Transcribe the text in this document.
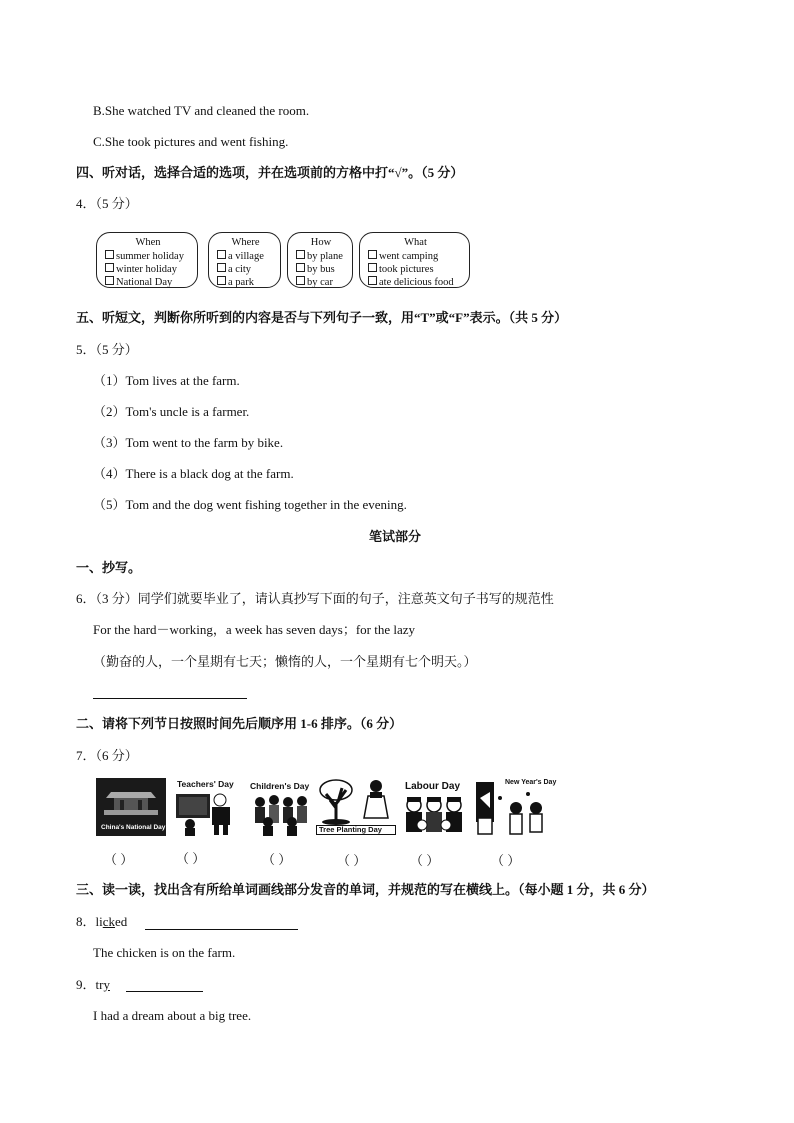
B.She watched TV and cleaned the room.
C.She took pictures and went fishing.
四、听对话，选择合适的选项，并在选项前的方格中打“√”。（5 分）
4．（5 分）
When
summer holiday
winter holiday
National Day
Where
a village
a city
a park
How
by plane
by bus
by car
What
went camping
took pictures
ate delicious food
五、听短文，判断你所听到的内容是否与下列句子一致，用“T”或“F”表示。（共 5 分）
5．（5 分）
（1）Tom lives at the farm.
（2）Tom's uncle is a farmer.
（3）Tom went to the farm by bike.
（4）There is a black dog at the farm.
（5）Tom and the dog went fishing together in the evening.
笔试部分
一、抄写。
6．（3 分）同学们就要毕业了，请认真抄写下面的句子，注意英文句子书写的规范性
For the hard－working，a week has seven days；for the lazy
（勤奋的人，一个星期有七天；懒惰的人，一个星期有七个明天。）
二、请将下列节日按照时间先后顺序用 1-6 排序。（6 分）
7．（6 分）
China's National Day
Teachers' Day Children's Day
Tree Planting Day
Labour Day	New Year's Day
（ ）	（ ）	（ ）	（ ）	（ ）	（ ）
三、读一读，找出含有所给单词画线部分发音的单词，并规范的写在横线上。（每小题 1 分，共 6 分）
8．licked
The chicken is on the farm.
9．try
I had a dream about a big tree.
